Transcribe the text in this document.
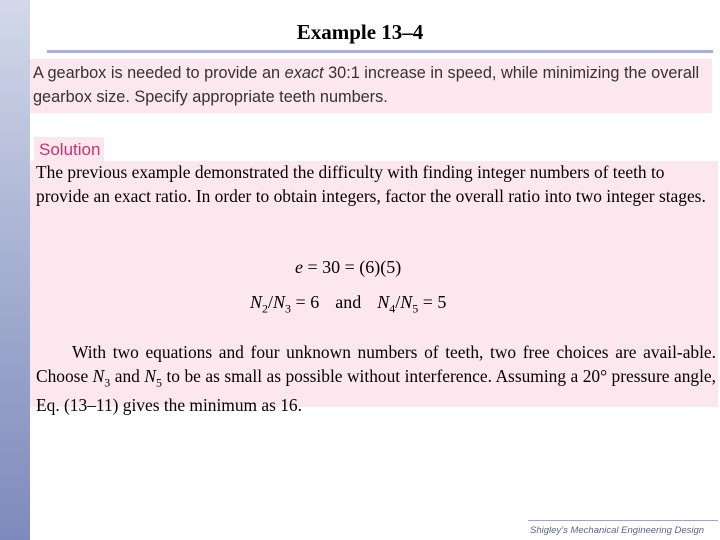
Example 13–4

A gearbox is needed to provide an exact 30:1 increase in speed, while minimizing the overall gearbox size. Specify appropriate teeth numbers.

Solution

The previous example demonstrated the difficulty with finding integer numbers of teeth to provide an exact ratio. In order to obtain integers, factor the overall ratio into two integer stages.

e = 30 = (6)(5)
$N_2/N_3 = 6$ and $N_4/N_5 = 5$

With two equations and four unknown numbers of teeth, two free choices are avail-able. Choose $N_3$ and $N_5$ to be as small as possible without interference. Assuming a 20° pressure angle, Eq. (13–11) gives the minimum as 16.

Shigley’s Mechanical Engineering Design
